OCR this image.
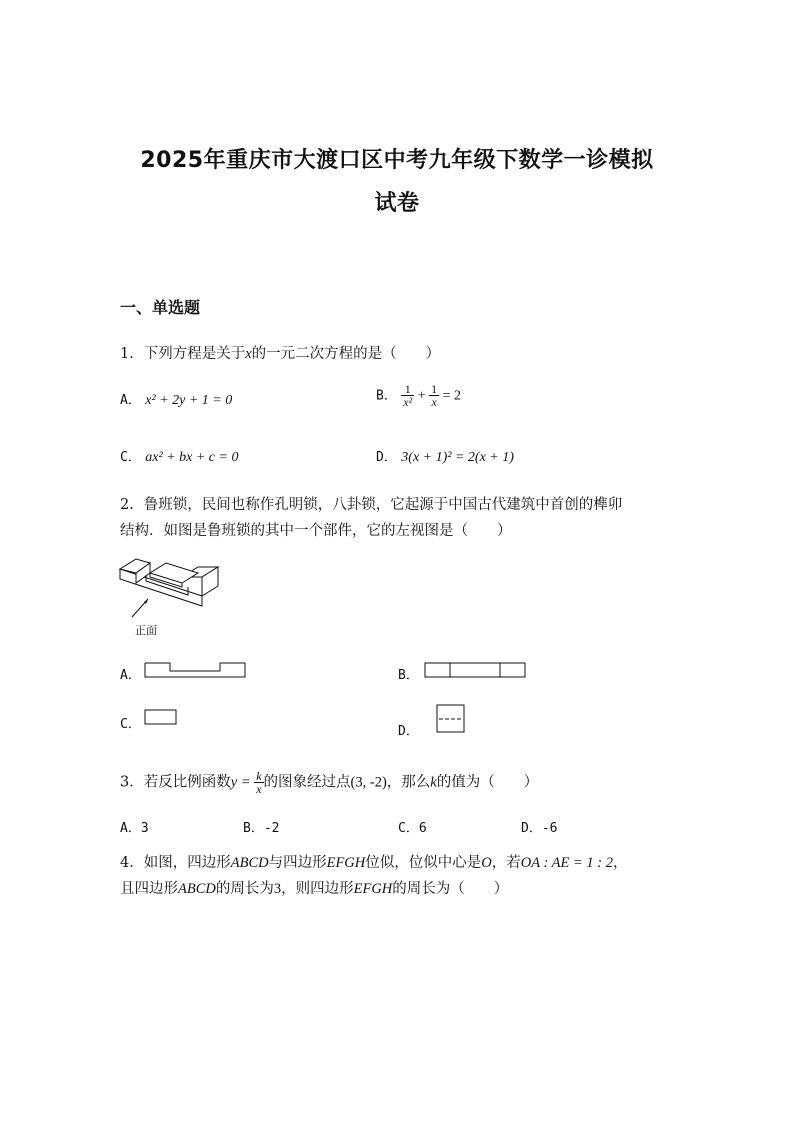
2025年重庆市大渡口区中考九年级下数学一诊模拟
试卷
一、单选题
1．下列方程是关于x的一元二次方程的是（　　）
A． x² + 2y + 1 = 0	B． $\frac{1}{\text{x²}} + \frac{1}{x} = 2$
C． ax² + bx + c = 0	D． 3(x + 1)² = 2(x + 1)
2．鲁班锁，民间也称作孔明锁，八卦锁，它起源于中国古代建筑中首创的榫卯
结构．如图是鲁班锁的其中一个部件，它的左视图是（　　）
正面
A．	B．
C．	D．
3．若反比例函数$y = \frac{k}{x}$ 的图象经过点(3, -2)，那么k的值为（　　）
A．3	B．-2	C．6	D．-6
4．如图，四边形ABCD与四边形EFGH位似，位似中心是O，若OA : AE = 1 : 2，
且四边形ABCD的周长为3，则四边形EFGH的周长为（　　）
